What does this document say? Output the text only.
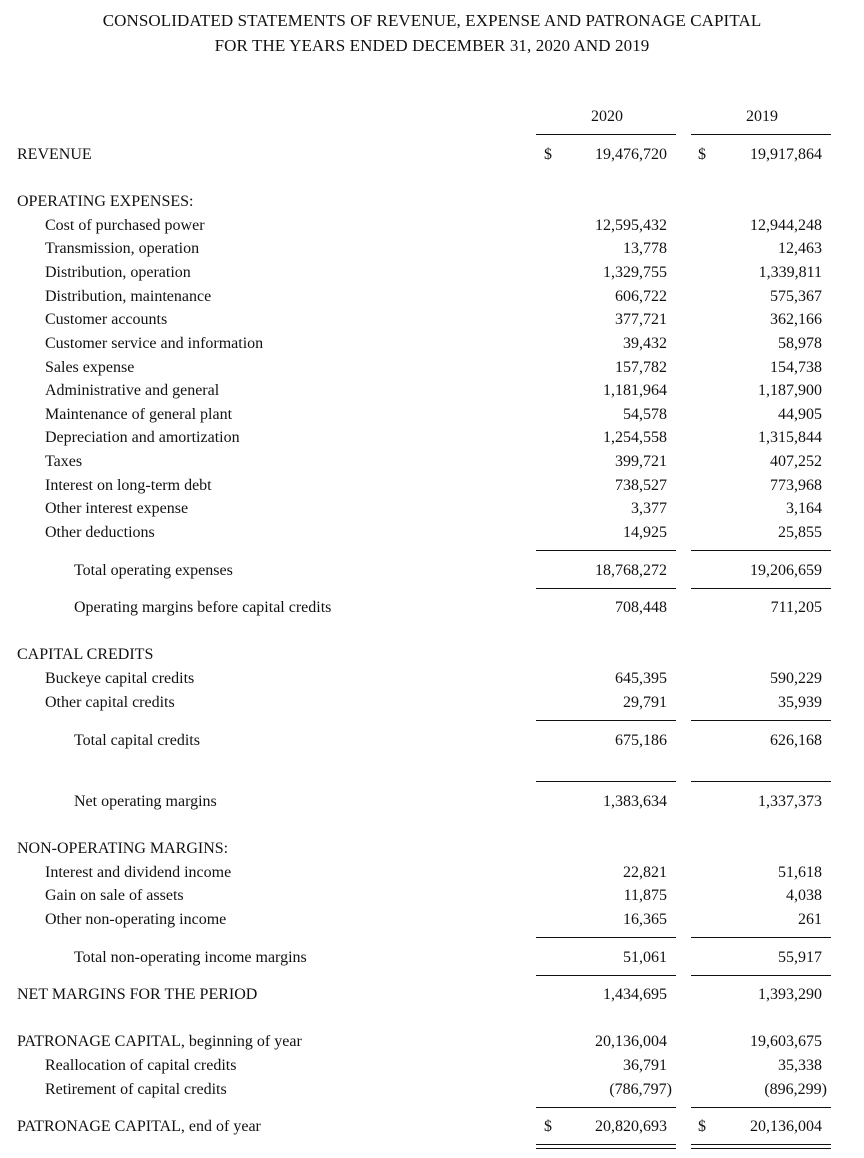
CONSOLIDATED STATEMENTS OF REVENUE, EXPENSE AND PATRONAGE CAPITAL
FOR THE YEARS ENDED DECEMBER 31, 2020 AND 2019
2020	2019
REVENUE	$	19,476,720 $	19,917,864
OPERATING EXPENSES:
Cost of purchased power	12,595,432	12,944,248
Transmission, operation	13,778	12,463
Distribution, operation	1,329,755	1,339,811
Distribution, maintenance	606,722	575,367
Customer accounts	377,721	362,166
Customer service and information	39,432	58,978
Sales expense	157,782	154,738
Administrative and general	1,181,964	1,187,900
Maintenance of general plant	54,578	44,905
Depreciation and amortization	1,254,558	1,315,844
Taxes	399,721	407,252
Interest on long-term debt	738,527	773,968
Other interest expense	3,377	3,164
Other deductions	14,925	25,855
Total operating expenses	18,768,272	19,206,659
Operating margins before capital credits	708,448	711,205
CAPITAL CREDITS
Buckeye capital credits	645,395	590,229
Other capital credits	29,791	35,939
Total capital credits	675,186	626,168
Net operating margins	1,383,634	1,337,373
NON-OPERATING MARGINS:
Interest and dividend income	22,821	51,618
Gain on sale of assets	11,875	4,038
Other non-operating income	16,365	261
Total non-operating income margins	51,061	55,917
NET MARGINS FOR THE PERIOD	1,434,695	1,393,290
PATRONAGE CAPITAL, beginning of year	20,136,004	19,603,675
Reallocation of capital credits	36,791	35,338
Retirement of capital credits	(786,797)	(896,299)
PATRONAGE CAPITAL, end of year	$	20,820,693 $	20,136,004
